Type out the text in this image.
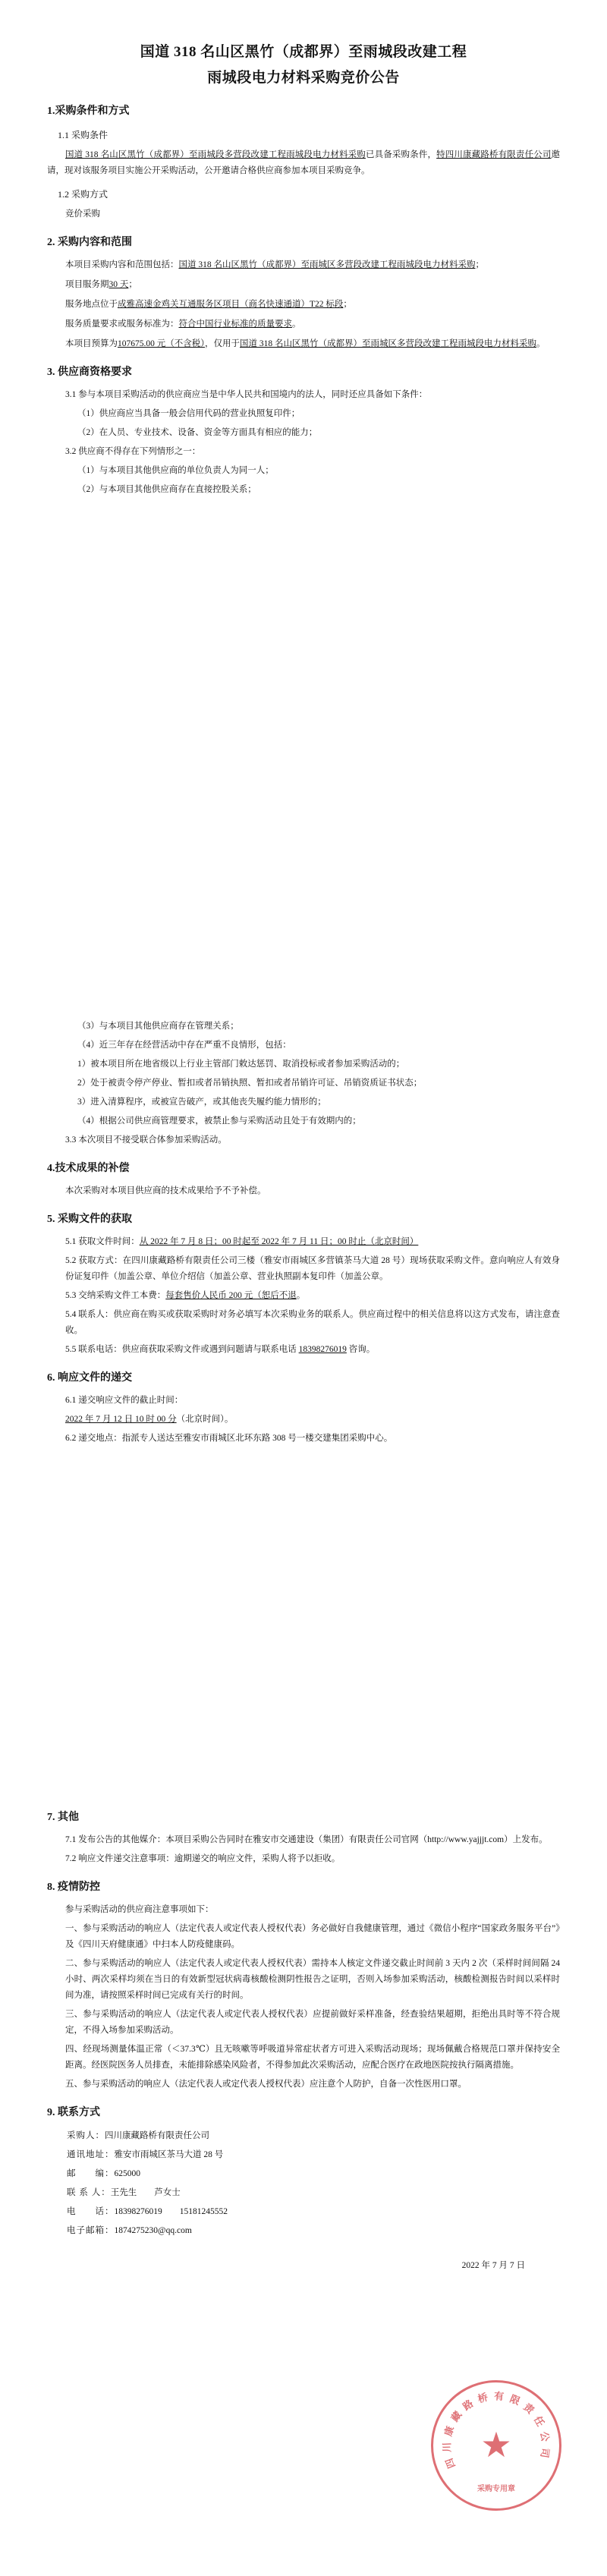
国道 318 名山区黑竹（成都界）至雨城段改建工程
雨城段电力材料采购竞价公告
1.采购条件和方式
1.1 采购条件

国道 318 名山区黑竹（成都界）至雨城段多营段改建工程雨城段电力材料采购已具备采购条件，特四川康藏路桥有限责任公司邀请，现对该服务项目实施公开采购活动，公开邀请合格供应商参加本项目采购竞争。

1.2 采购方式

竞价采购

2. 采购内容和范围

本项目采购内容和范围包括：国道 318 名山区黑竹（成都界）至雨城区多营段改建工程雨城段电力材料采购；

项目服务期30 天；

服务地点位于成雅高速金鸡关互通服务区项目（商名快速通道）T22 标段；

服务质量要求或服务标准为：符合中国行业标准的质量要求。

本项目预算为107675.00 元（不含税），仅用于国道 318 名山区黑竹（成都界）至雨城区多营段改建工程雨城段电力材料采购。

3. 供应商资格要求

3.1 参与本项目采购活动的供应商应当是中华人民共和国境内的法人，同时还应具备如下条件：

（1）供应商应当具备一般会信用代码的营业执照复印件；

（2）在人员、专业技术、设备、资金等方面具有相应的能力；

3.2 供应商不得存在下列情形之一：

（1）与本项目其他供应商的单位负责人为同一人；

（2）与本项目其他供应商存在直接控股关系；

（3）与本项目其他供应商存在管理关系；

（4）近三年存在经营活动中存在严重不良情形，包括：

1）被本项目所在地省级以上行业主管部门敕达惩罚、取消投标或者参加采购活动的；

2）处于被责令停产停业、暂扣或者吊销执照、暂扣或者吊销许可证、吊销资质证书状态；

3）进入清算程序，或被宣告破产，或其他丧失履约能力情形的；

（4）根据公司供应商管理要求，被禁止参与采购活动且处于有效期内的；

3.3 本次项目不接受联合体参加采购活动。

4.技术成果的补偿

本次采购对本项目供应商的技术成果给予不予补偿。

5. 采购文件的获取

5.1 获取文件时间：从 2022 年 7 月 8 日；00 时起至 2022 年 7 月 11 日；00 时止（北京时间）

5.2 获取方式：在四川康藏路桥有限责任公司三楼（雅安市雨城区多营镇茶马大道 28 号）现场获取采购文件。意向响应人有效身份证复印件（加盖公章、单位介绍信（加盖公章、营业执照副本复印件（加盖公章。

5.3 交纳采购文件工本费：每套售价人民币 200 元（恕后不退。

5.4 联系人：供应商在购买或获取采购时对务必填写本次采购业务的联系人。供应商过程中的相关信息将以这方式发布，请注意查收。

5.5 联系电话：供应商获取采购文件或遇到问题请与联系电话 18398276019 咨询。

6. 响应文件的递交

6.1 递交响应文件的截止时间：

2022 年 7 月 12 日 10 时 00 分（北京时间）。

6.2 递交地点：指派专人送达至雅安市雨城区北环东路 308 号一楼交建集团采购中心。

7. 其他

7.1 发布公告的其他媒介：本项目采购公告同时在雅安市交通建设（集团）有限责任公司官网（http://www.yajjjt.com）上发布。

7.2 响应文件递交注意事项：逾期递交的响应文件，采购人将予以拒收。

8. 疫情防控

参与采购活动的供应商注意事项如下：

一、参与采购活动的响应人（法定代表人或定代表人授权代表）务必做好自我健康管理，通过《微信小程序“国家政务服务平台”》及《四川天府健康通》中扫本人防疫健康码。

二、参与采购活动的响应人（法定代表人或定代表人授权代表）需持本人核定文件递交截止时间前 3 天内 2 次（采样时间间隔 24 小时、两次采样均须在当日的有效新型冠状病毒核酸检测阴性报告之证明，否则入场参加采购活动，核酸检测报告时间以采样时间为准，请按照采样时间已完成有关行的时间。

三、参与采购活动的响应人（法定代表人或定代表人授权代表）应提前做好采样准备，经查验结果超期，拒绝出具时等不符合规定，不得入场参加采购活动。

四、经现场测量体温正常（＜37.3℃）且无咳嗽等呼吸道异常症状者方可进入采购活动现场；现场佩戴合格规范口罩并保持安全距离。经医院医务人员排查，未能排除感染风险者，不得参加此次采购活动，应配合医疗在政地医院按执行隔离措施。

五、参与采购活动的响应人（法定代表人或定代表人授权代表）应注意个人防护，自备一次性医用口罩。

9. 联系方式
采购人：四川康藏路桥有限责任公司
通讯地址：雅安市雨城区茶马大道 28 号
邮　　编：625000
联 系 人：王先生　　芦女士
电　　话：18398276019　　15181245552
电子邮箱：1874275230@qq.com
2022 年 7 月 7 日
四
川
康
藏
路 桥 有 限
责
任
公
司
★
采购专用章
